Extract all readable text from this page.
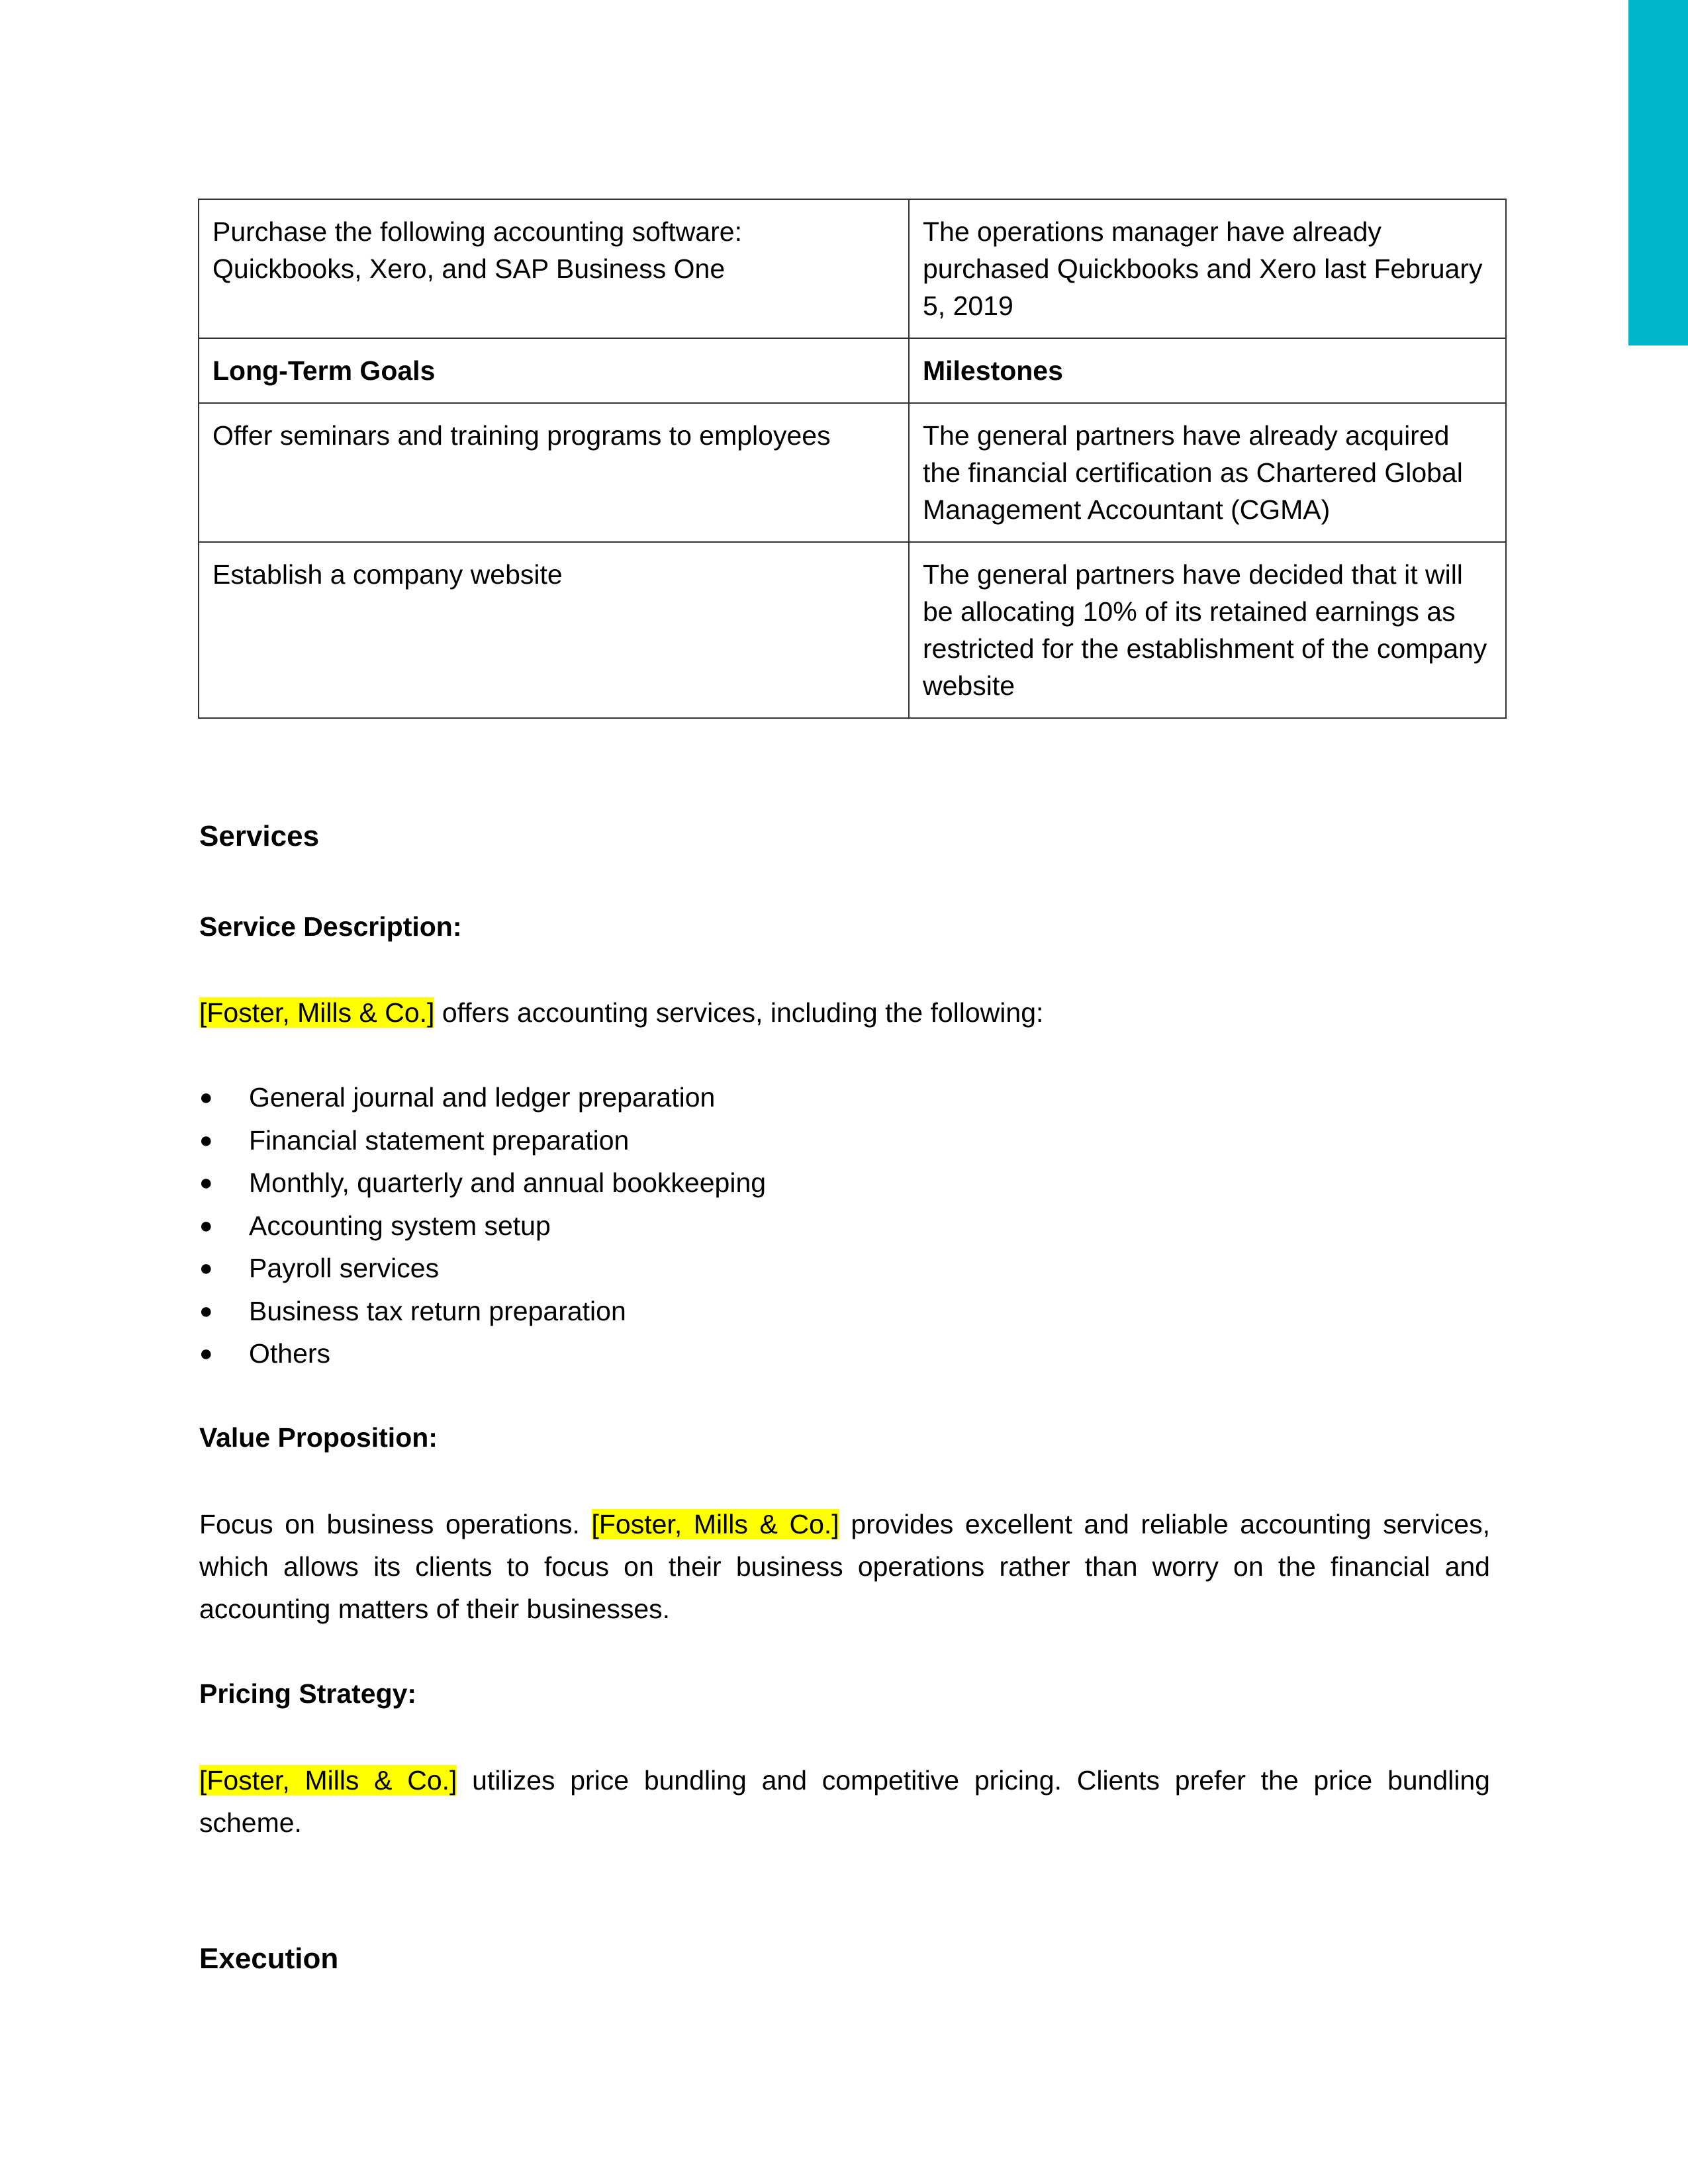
Purchase the following accounting software: Quickbooks, Xero, and SAP Business One	The operations manager have already purchased Quickbooks and Xero last February 5, 2019
Long-Term Goals	Milestones
Offer seminars and training programs to employees	The general partners have already acquired the financial certification as Chartered Global Management Accountant (CGMA)
Establish a company website	The general partners have decided that it will be allocating 10% of its retained earnings as restricted for the establishment of the company website
Services
Service Description:

[Foster, Mills & Co.] offers accounting services, including the following:

● General journal and ledger preparation
● Financial statement preparation
● Monthly, quarterly and annual bookkeeping
● Accounting system setup
● Payroll services
● Business tax return preparation
● Others
Value Proposition:

Focus on business operations. [Foster, Mills & Co.] provides excellent and reliable accounting services, which allows its clients to focus on their business operations rather than worry on the financial and accounting matters of their businesses.

Pricing Strategy:

[Foster, Mills & Co.] utilizes price bundling and competitive pricing. Clients prefer the price bundling scheme.

Execution
